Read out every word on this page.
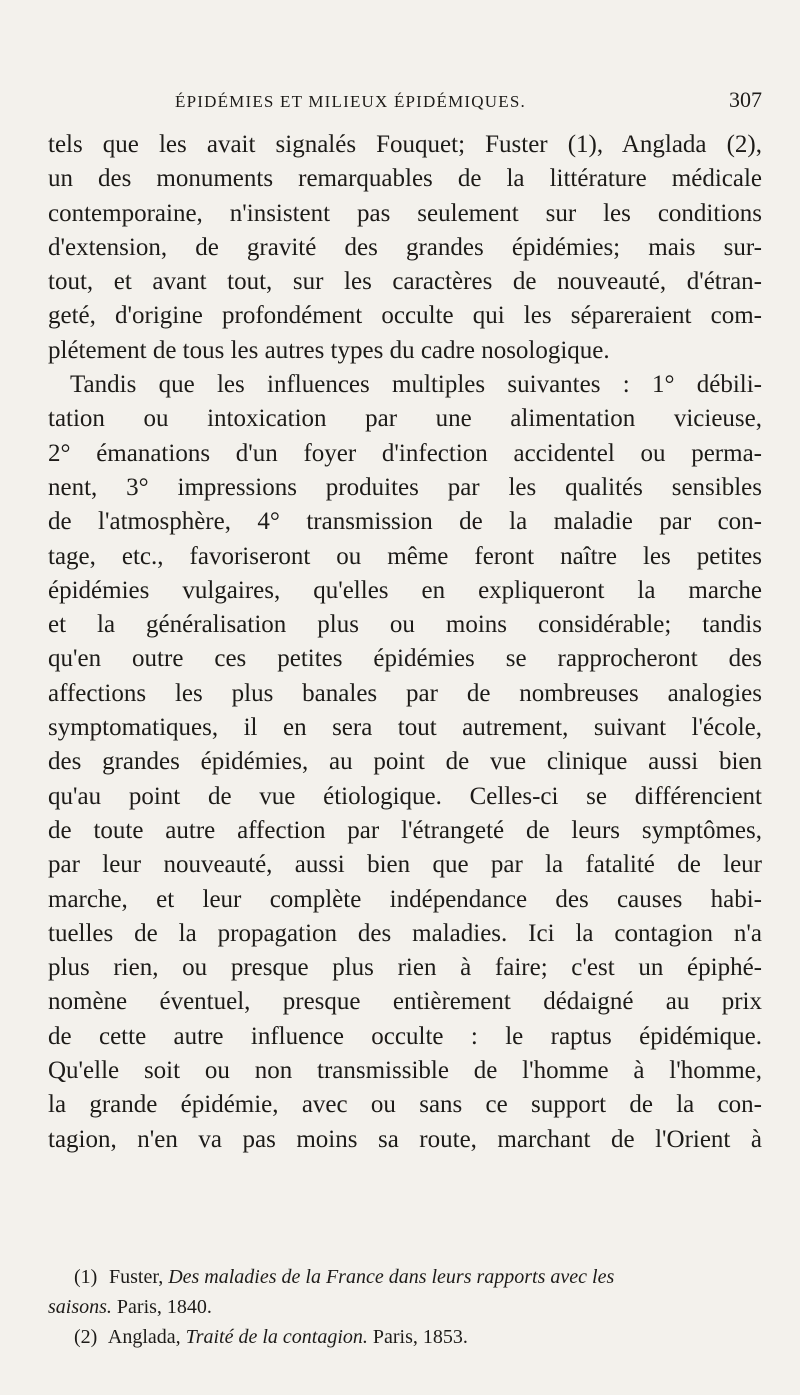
ÉPIDÉMIES ET MILIEUX ÉPIDÉMIQUES.	307
tels que les avait signalés Fouquet; Fuster (1), Anglada (2),
un des monuments remarquables de la littérature médicale
contemporaine, n'insistent pas seulement sur les conditions
d'extension, de gravité des grandes épidémies; mais sur-
tout, et avant tout, sur les caractères de nouveauté, d'étran-
geté, d'origine profondément occulte qui les sépareraient com-
plétement de tous les autres types du cadre nosologique.
Tandis que les influences multiples suivantes : 1° débili-
tation ou intoxication par une alimentation vicieuse,
2° émanations d'un foyer d'infection accidentel ou perma-
nent, 3° impressions produites par les qualités sensibles
de l'atmosphère, 4° transmission de la maladie par con-
tage, etc., favoriseront ou même feront naître les petites
épidémies vulgaires, qu'elles en expliqueront la marche
et la généralisation plus ou moins considérable; tandis
qu'en outre ces petites épidémies se rapprocheront des
affections les plus banales par de nombreuses analogies
symptomatiques, il en sera tout autrement, suivant l'école,
des grandes épidémies, au point de vue clinique aussi bien
qu'au point de vue étiologique. Celles-ci se différencient
de toute autre affection par l'étrangeté de leurs symptômes,
par leur nouveauté, aussi bien que par la fatalité de leur
marche, et leur complète indépendance des causes habi-
tuelles de la propagation des maladies. Ici la contagion n'a
plus rien, ou presque plus rien à faire; c'est un épiphé-
nomène éventuel, presque entièrement dédaigné au prix
de cette autre influence occulte : le raptus épidémique.
Qu'elle soit ou non transmissible de l'homme à l'homme,
la grande épidémie, avec ou sans ce support de la con-
tagion, n'en va pas moins sa route, marchant de l'Orient à
(1) Fuster, Des maladies de la France dans leurs rapports avec les
saisons. Paris, 1840.
(2) Anglada, Traité de la contagion. Paris, 1853.
